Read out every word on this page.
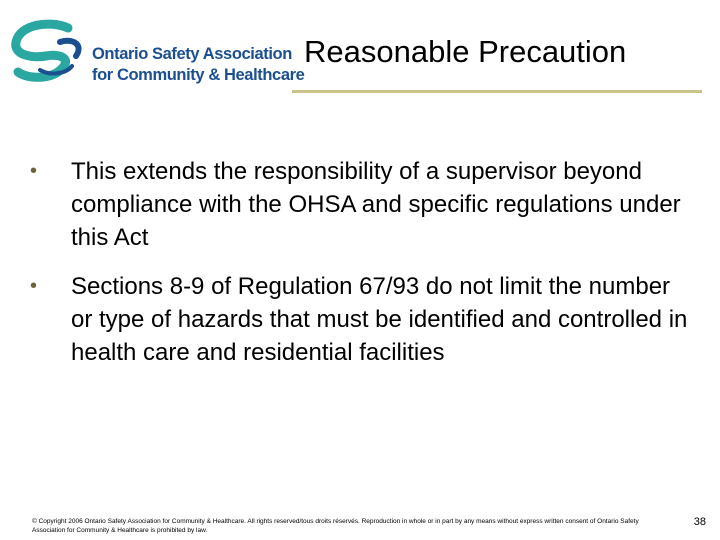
Ontario Safety Association
for Community & Healthcare
Reasonable Precaution
• This extends the responsibility of a supervisor beyond compliance with the OHSA and specific regulations under this Act
• Sections 8-9 of Regulation 67/93 do not limit the number or type of hazards that must be identified and controlled in health care and residential facilities
© Copyright 2006 Ontario Safety Association for Community & Healthcare. All rights reserved/tous droits réservés. Reproduction in whole or in part by any means without express written consent of Ontario Safety Association for Community & Healthcare is prohibited by law.
38
